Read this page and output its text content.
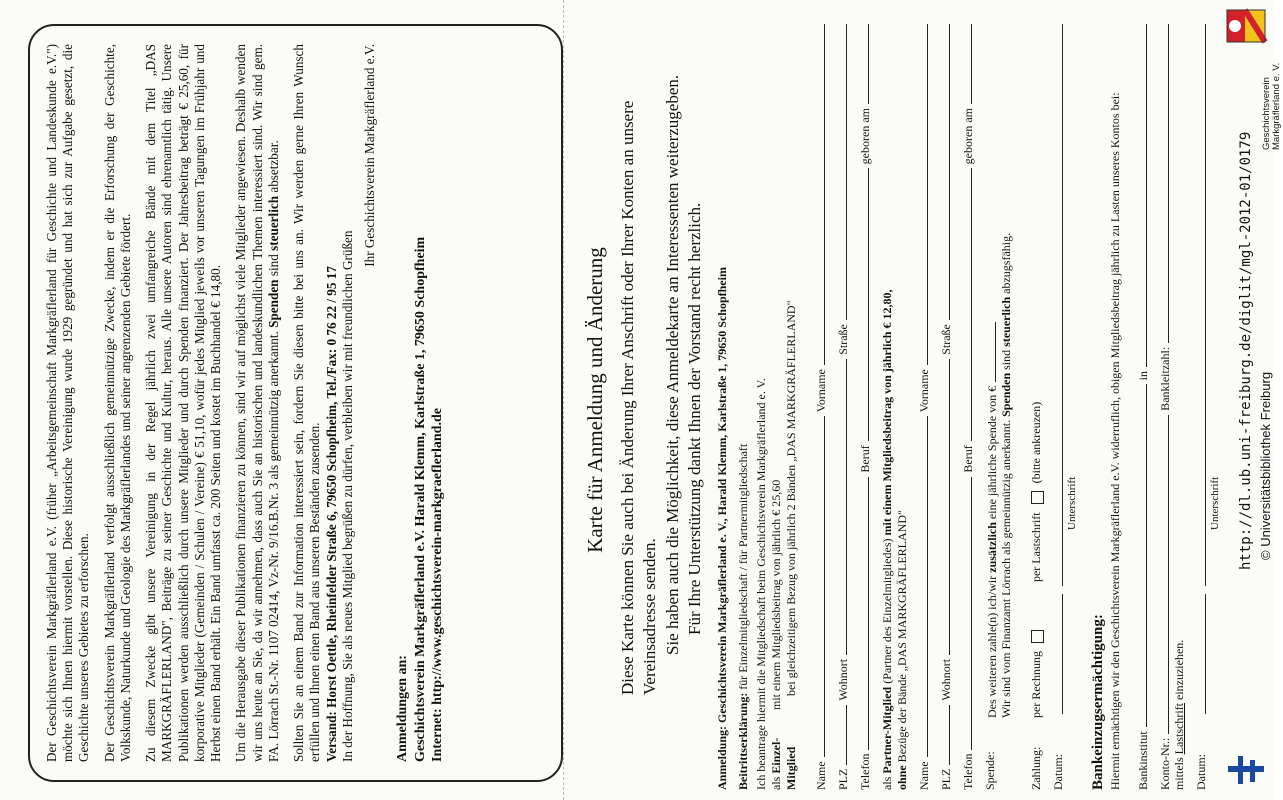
Der Geschichtsverein Markgräflerland e.V. (früher „Arbeitsgemeinschaft Markgräflerland für Geschichte und Landeskunde e.V.") möchte sich Ihnen hiermit vorstellen. Diese historische Vereinigung wurde 1929 gegründet und hat sich zur Aufgabe gesetzt, die Geschichte unseres Gebietes zu erforschen. Der Geschichtsverein Markgräflerland verfolgt ausschließlich gemeinnützige Zwecke, indem er die Erforschung der Geschichte, Volkskunde, Naturkunde und Geologie des Markgräflerlandes und seiner angrenzenden Gebiete fördert. Zu diesem Zwecke gibt unsere Vereinigung in der Regel jährlich zwei umfangreiche Bände mit dem Titel „DAS MARKGRÄFLERLAND", Beiträge zu seiner Geschichte und Kultur, heraus. Alle unsere Autoren sind ehrenamtlich tätig. Unsere Publikationen werden ausschließlich durch unsere Mitglieder und durch Spenden finanziert. Der Jahresbeitrag beträgt € 25,60, für korporative Mitglieder (Gemeinden / Schulen / Vereine) € 51,10, wofür jedes Mitglied jeweils vor unseren Tagungen im Frühjahr und Herbst einen Band erhält. Ein Band umfasst ca. 200 Seiten und kostet im Buchhandel € 14,80. Um die Herausgabe dieser Publikationen finanzieren zu können, sind wir auf möglichst viele Mitglieder angewiesen. Deshalb wenden wir uns heute an Sie, da wir annehmen, dass auch Sie an historischen und landeskundlichen Themen interessiert sind. Wir sind gem. FA. Lörrach St.-Nr. 1107 02414, Vz-Nr. 9/16.B.Nr. 3 als gemeinnützig anerkannt. Spenden sind steuerlich absetzbar. Sollten Sie an einem Band zur Information interessiert sein, fordern Sie diesen bitte bei uns an. Wir werden gerne Ihren Wunsch erfüllen und Ihnen einen Band aus unseren Beständen zusenden.
Versand: Horst Oettle, Rheinfelder Straße 6, 79650 Schopfheim, Tel./Fax: 0 76 22 / 95 17
In der Hoffnung, Sie als neues Mitglied begrüßen zu dürfen, verbleiben wir mit freundlichen Grüßen

Ihr Geschichtsverein Markgräflerland e.V.
Anmeldungen an: Geschichtsverein Markgräflerland e.V. Harald Klemm, Karlstraße 1, 79650 Schopfheim Internet: http://www.geschichtsverein-markgraeflerland.de
Karte für Anmeldung und Änderung Diese Karte können Sie auch bei Änderung Ihrer Anschrift oder Ihrer Konten an unsere Vereinsadresse senden. Sie haben auch die Möglichkeit, diese Anmeldekarte an Interessenten weiterzugeben. Für Ihre Unterstützung dankt Ihnen der Vorstand recht herzlich. Anmeldung: Geschichtsverein Markgräflerland e. V., Harald Klemm, Karlstraße 1, 79650 Schopfheim Beitrittserklärung: für Einzelmitgliedschaft / für Partnermitgliedschaft Ich beantrage hiermit die Mitgliedschaft beim Geschichtsverein Markgräflerland e. V. als Einzel-Mitglied
mit einem Mitgliedsbeitrag von jährlich € 25,60 bei gleichzeitigem Bezug von jährlich 2 Bänden „DAS MARKGRÄFLERLAND"
Name
Vorname
PLZ
Wohnort
Straße
Telefon
Beruf
geboren am
als Partner-Mitglied (Partner des Einzelmitgliedes) mit einem Mitgliedsbeitrag von jährlich € 12,80,
ohne Bezüge der Bände „DAS MARKGRÄFLERLAND"
Name
Vorname
PLZ
Wohnort
Straße
Telefon
Beruf
geboren am
Spende:
Des weiteren zahle(n) ich/wir

zusätzlich

eine jährliche Spende von € Wir sind vom Finanzamt Lörrach als gemeinnützig anerkannt. Spenden sind steuerlich abzugsfähig.
Zahlung:
per Rechnung
per Lastschrift
(bitte ankreuzen)
Datum:
Unterschrift
Bankeinzugsermächtigung: Hiermit ermächtigen wir den Geschichtsverein Markgräflerland e.V. widerruflich, obigen Mitgliedsbeitrag jährlich zu Lasten unseres Kontos bei: Bankinstitut
in
Konto-Nr.:
Bankleitzahl:
mittels Lastschrift einzuziehen.
Datum:
Unterschrift http://dl.ub.uni-freiburg.de/diglit/mgl-2012-01/0179 © Universitätsbibliothek Freiburg
Geschichtsverein Markgräflerland e. V.
